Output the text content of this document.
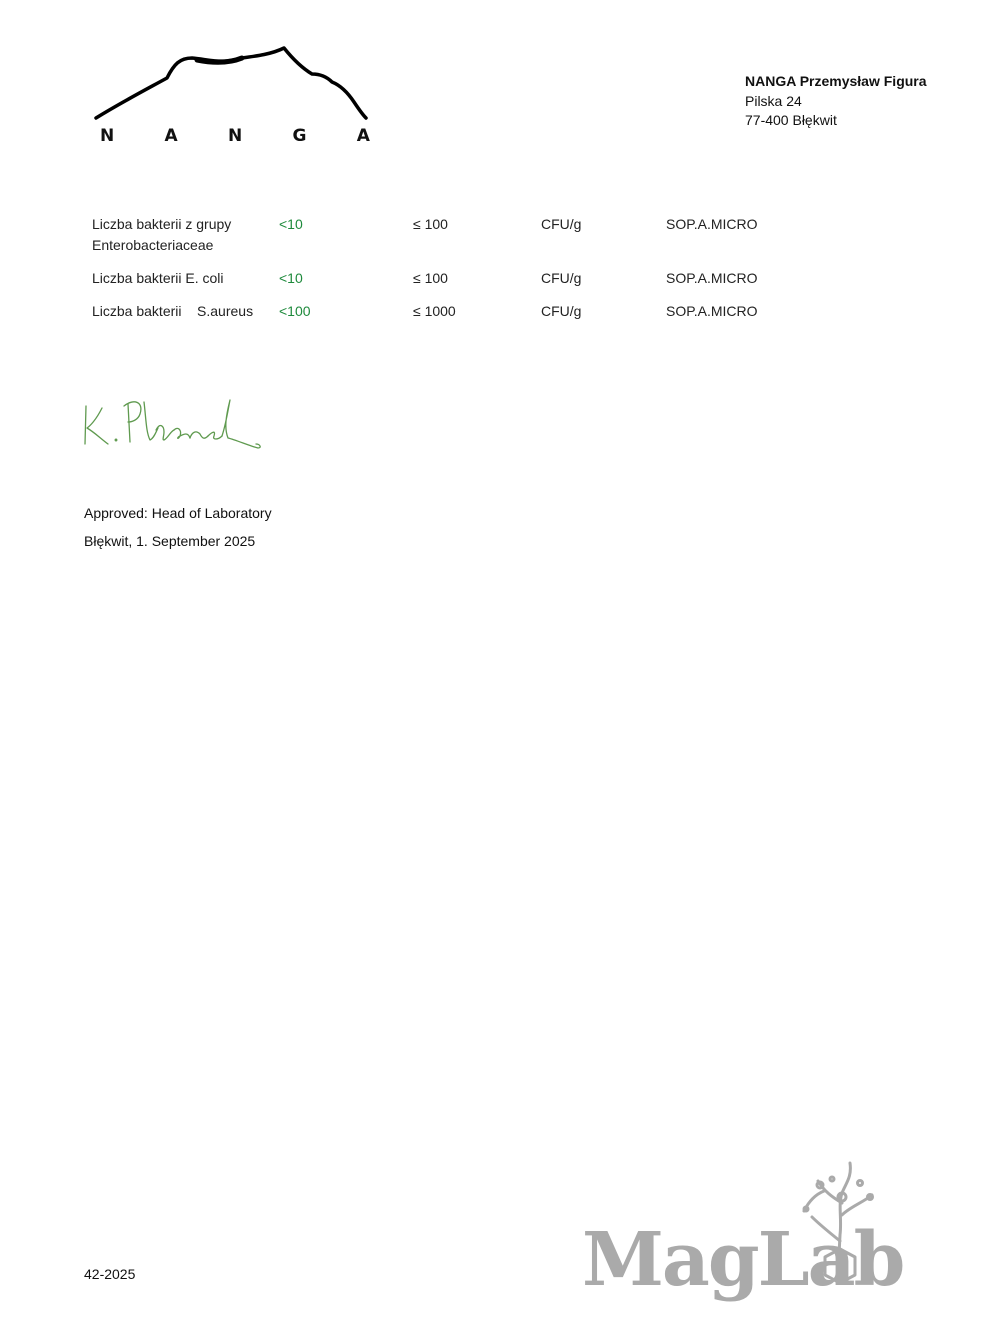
N	A	N	G	A
NANGA Przemysław Figura
Pilska 24
77-400 Błękwit
Liczba bakterii z grupy Enterobacteriaceae	<10	≤ 100	CFU/g	SOP.A.MICRO
Liczba bakterii E. coli	<10	≤ 100	CFU/g	SOP.A.MICRO
Liczba bakterii    S.aureus	<100	≤ 1000	CFU/g	SOP.A.MICRO
Approved: Head of Laboratory
Błękwit, 1. September 2025
42-2025	MagLab
